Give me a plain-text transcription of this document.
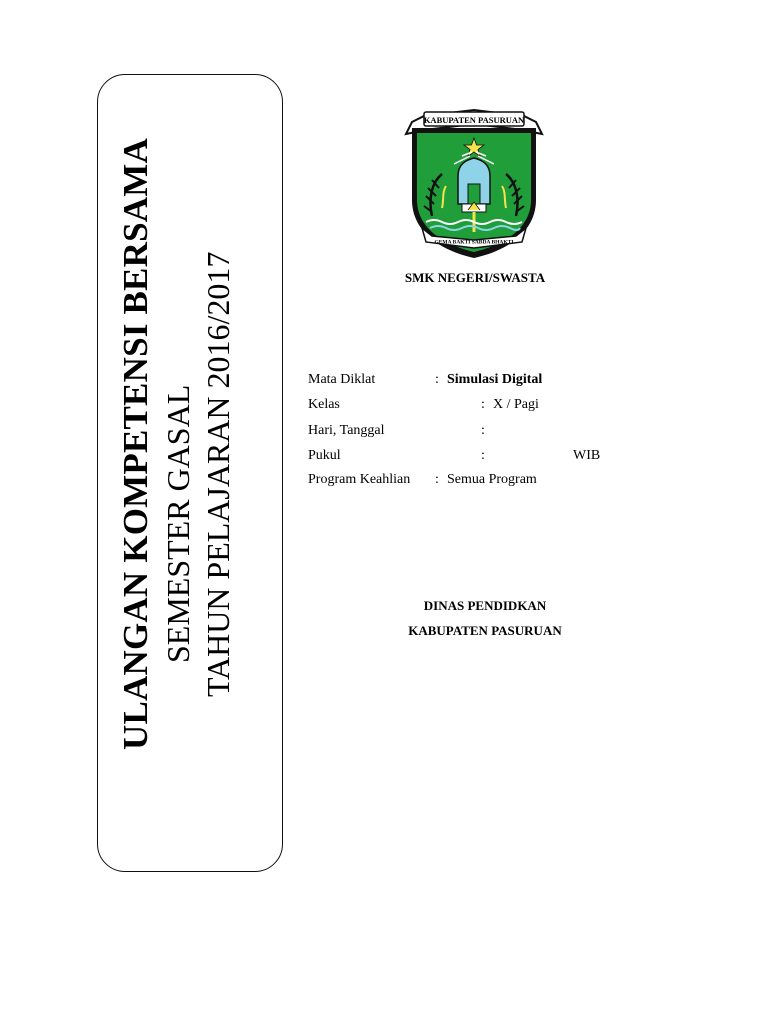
ULANGAN KOMPETENSI BERSAMA SEMESTER GASAL TAHUN PELAJARAN 2016/2017
KABUPATEN PASURUAN
GEMA BAKTI SABDA BHAKTI
SMK NEGERI/SWASTA
Mata Diklat	: Simulasi Digital
Kelas	: X / Pagi
Hari, Tanggal	:
Pukul	:	WIB
Program Keahlian : Semua Program
DINAS PENDIDKAN
KABUPATEN PASURUAN
